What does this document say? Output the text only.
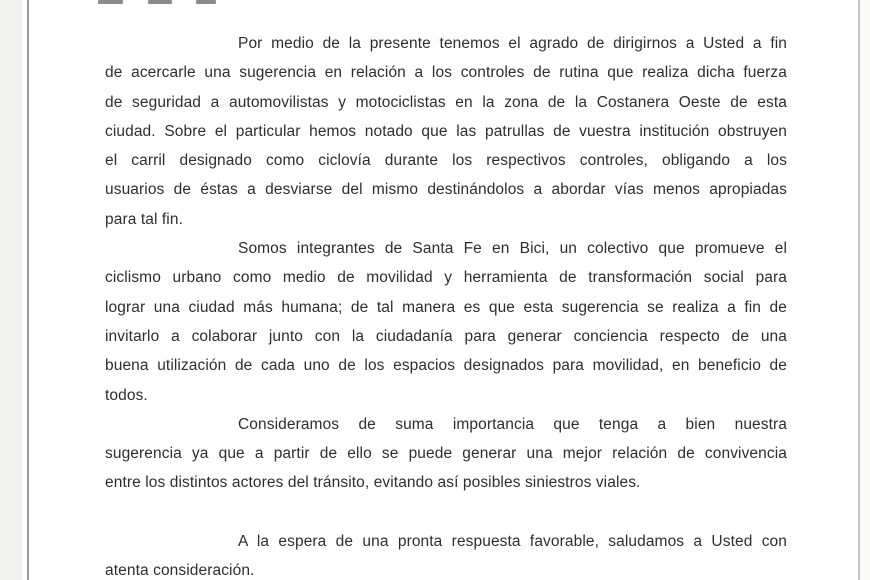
Por medio de la presente tenemos el agrado de dirigirnos a Usted a fin
de acercarle una sugerencia en relación a los controles de rutina que realiza dicha fuerza
de seguridad a automovilistas y motociclistas en la zona de la Costanera Oeste de esta
ciudad. Sobre el particular hemos notado que las patrullas de vuestra institución obstruyen
el carril designado como ciclovía durante los respectivos controles, obligando a los
usuarios de éstas a desviarse del mismo destinándolos a abordar vías menos apropiadas
para tal fin.
Somos integrantes de Santa Fe en Bici, un colectivo que promueve el
ciclismo urbano como medio de movilidad y herramienta de transformación social para
lograr una ciudad más humana; de tal manera es que esta sugerencia se realiza a fin de
invitarlo a colaborar junto con la ciudadanía para generar conciencia respecto de una
buena utilización de cada uno de los espacios designados para movilidad, en beneficio de
todos.
Consideramos de suma importancia que tenga a bien nuestra
sugerencia ya que a partir de ello se puede generar una mejor relación de convivencia
entre los distintos actores del tránsito, evitando así posibles siniestros viales.
A la espera de una pronta respuesta favorable, saludamos a Usted con
atenta consideración.
